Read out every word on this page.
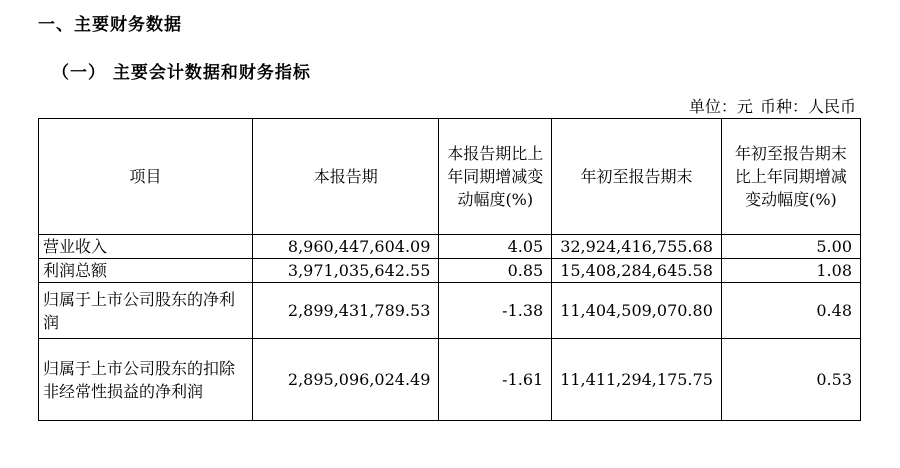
一、主要财务数据
（一） 主要会计数据和财务指标
单位：元 币种：人民币
项目	本报告期	本报告期比上年同期增减变动幅度(%)	年初至报告期末	年初至报告期末比上年同期增减变动幅度(%)
营业收入	8,960,447,604.09	4.05	32,924,416,755.68	5.00
利润总额	3,971,035,642.55	0.85	15,408,284,645.58	1.08
归属于上市公司股东的净利润	2,899,431,789.53	-1.38	11,404,509,070.80	0.48
归属于上市公司股东的扣除非经常性损益的净利润	2,895,096,024.49	-1.61	11,411,294,175.75	0.53
